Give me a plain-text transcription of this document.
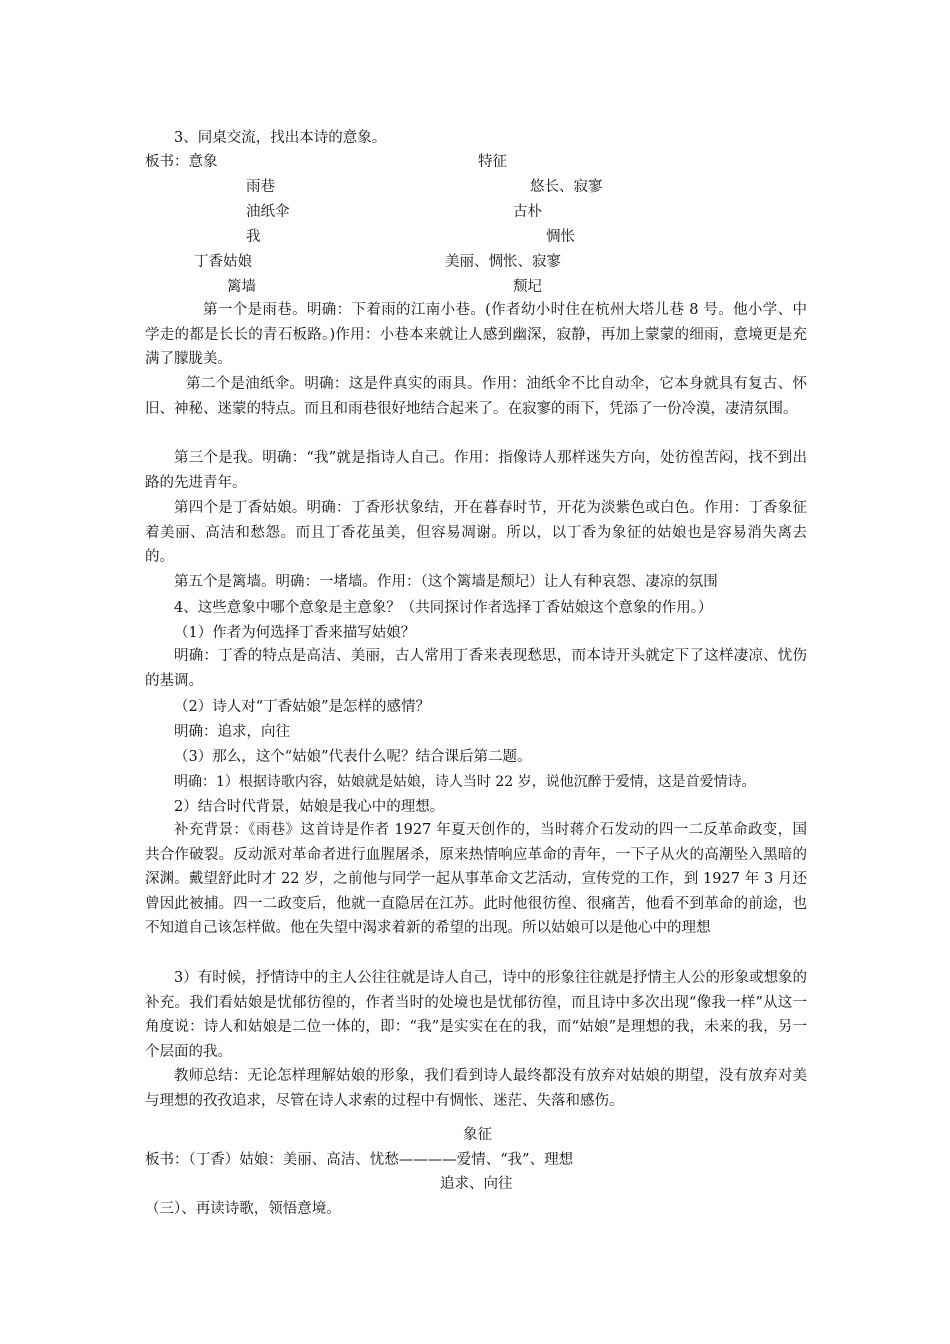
3、同桌交流，找出本诗的意象。
板书：意象	特征
雨巷	悠长、寂寥
油纸伞	古朴
我	惆怅
丁香姑娘	美丽、惆怅、寂寥
篱墙	颓圮

第一个是雨巷。明确：下着雨的江南小巷。(作者幼小时住在杭州大塔儿巷 8 号。他小学、中学走的都是长长的青石板路。)作用：小巷本来就让人感到幽深，寂静，再加上蒙蒙的细雨，意境更是充满了朦胧美。

第二个是油纸伞。明确：这是件真实的雨具。作用：油纸伞不比自动伞，它本身就具有复古、怀旧、神秘、迷蒙的特点。而且和雨巷很好地结合起来了。在寂寥的雨下，凭添了一份冷漠，凄清氛围。

第三个是我。明确：“我”就是指诗人自己。作用：指像诗人那样迷失方向，处彷徨苦闷，找不到出路的先进青年。

第四个是丁香姑娘。明确：丁香形状象结，开在暮春时节，开花为淡紫色或白色。作用：丁香象征着美丽、高洁和愁怨。而且丁香花虽美，但容易凋谢。所以，以丁香为象征的姑娘也是容易消失离去的。

第五个是篱墙。明确：一堵墙。作用：（这个篱墙是颓圮）让人有种哀怨、凄凉的氛围

4、这些意象中哪个意象是主意象？（共同探讨作者选择丁香姑娘这个意象的作用。）
（1）作者为何选择丁香来描写姑娘？

明确：丁香的特点是高洁、美丽，古人常用丁香来表现愁思，而本诗开头就定下了这样凄凉、忧伤的基调。

（2）诗人对“丁香姑娘”是怎样的感情？
明确：追求，向往
（3）那么，这个“姑娘”代表什么呢？结合课后第二题。
明确：1）根据诗歌内容，姑娘就是姑娘，诗人当时 22 岁，说他沉醉于爱情，这是首爱情诗。
2）结合时代背景，姑娘是我心中的理想。

补充背景：《雨巷》这首诗是作者 1927 年夏天创作的，当时蒋介石发动的四一二反革命政变，国共合作破裂。反动派对革命者进行血腥屠杀，原来热情响应革命的青年，一下子从火的高潮坠入黑暗的深渊。戴望舒此时才 22 岁，之前他与同学一起从事革命文艺活动，宣传党的工作，到 1927 年 3 月还曾因此被捕。四一二政变后，他就一直隐居在江苏。此时他很彷徨、很痛苦，他看不到革命的前途，也不知道自己该怎样做。他在失望中渴求着新的希望的出现。所以姑娘可以是他心中的理想

3）有时候，抒情诗中的主人公往往就是诗人自己，诗中的形象往往就是抒情主人公的形象或想象的补充。我们看姑娘是忧郁彷徨的，作者当时的处境也是忧郁彷徨，而且诗中多次出现“像我一样”从这一角度说：诗人和姑娘是二位一体的，即：“我”是实实在在的我，而“姑娘”是理想的我，未来的我，另一个层面的我。

教师总结：无论怎样理解姑娘的形象，我们看到诗人最终都没有放弃对姑娘的期望，没有放弃对美与理想的孜孜追求，尽管在诗人求索的过程中有惆怅、迷茫、失落和感伤。

象征
板书：（丁香）姑娘：美丽、高洁、忧愁————爱情、“我”、理想
追求、向往
（三）、再读诗歌，领悟意境。
